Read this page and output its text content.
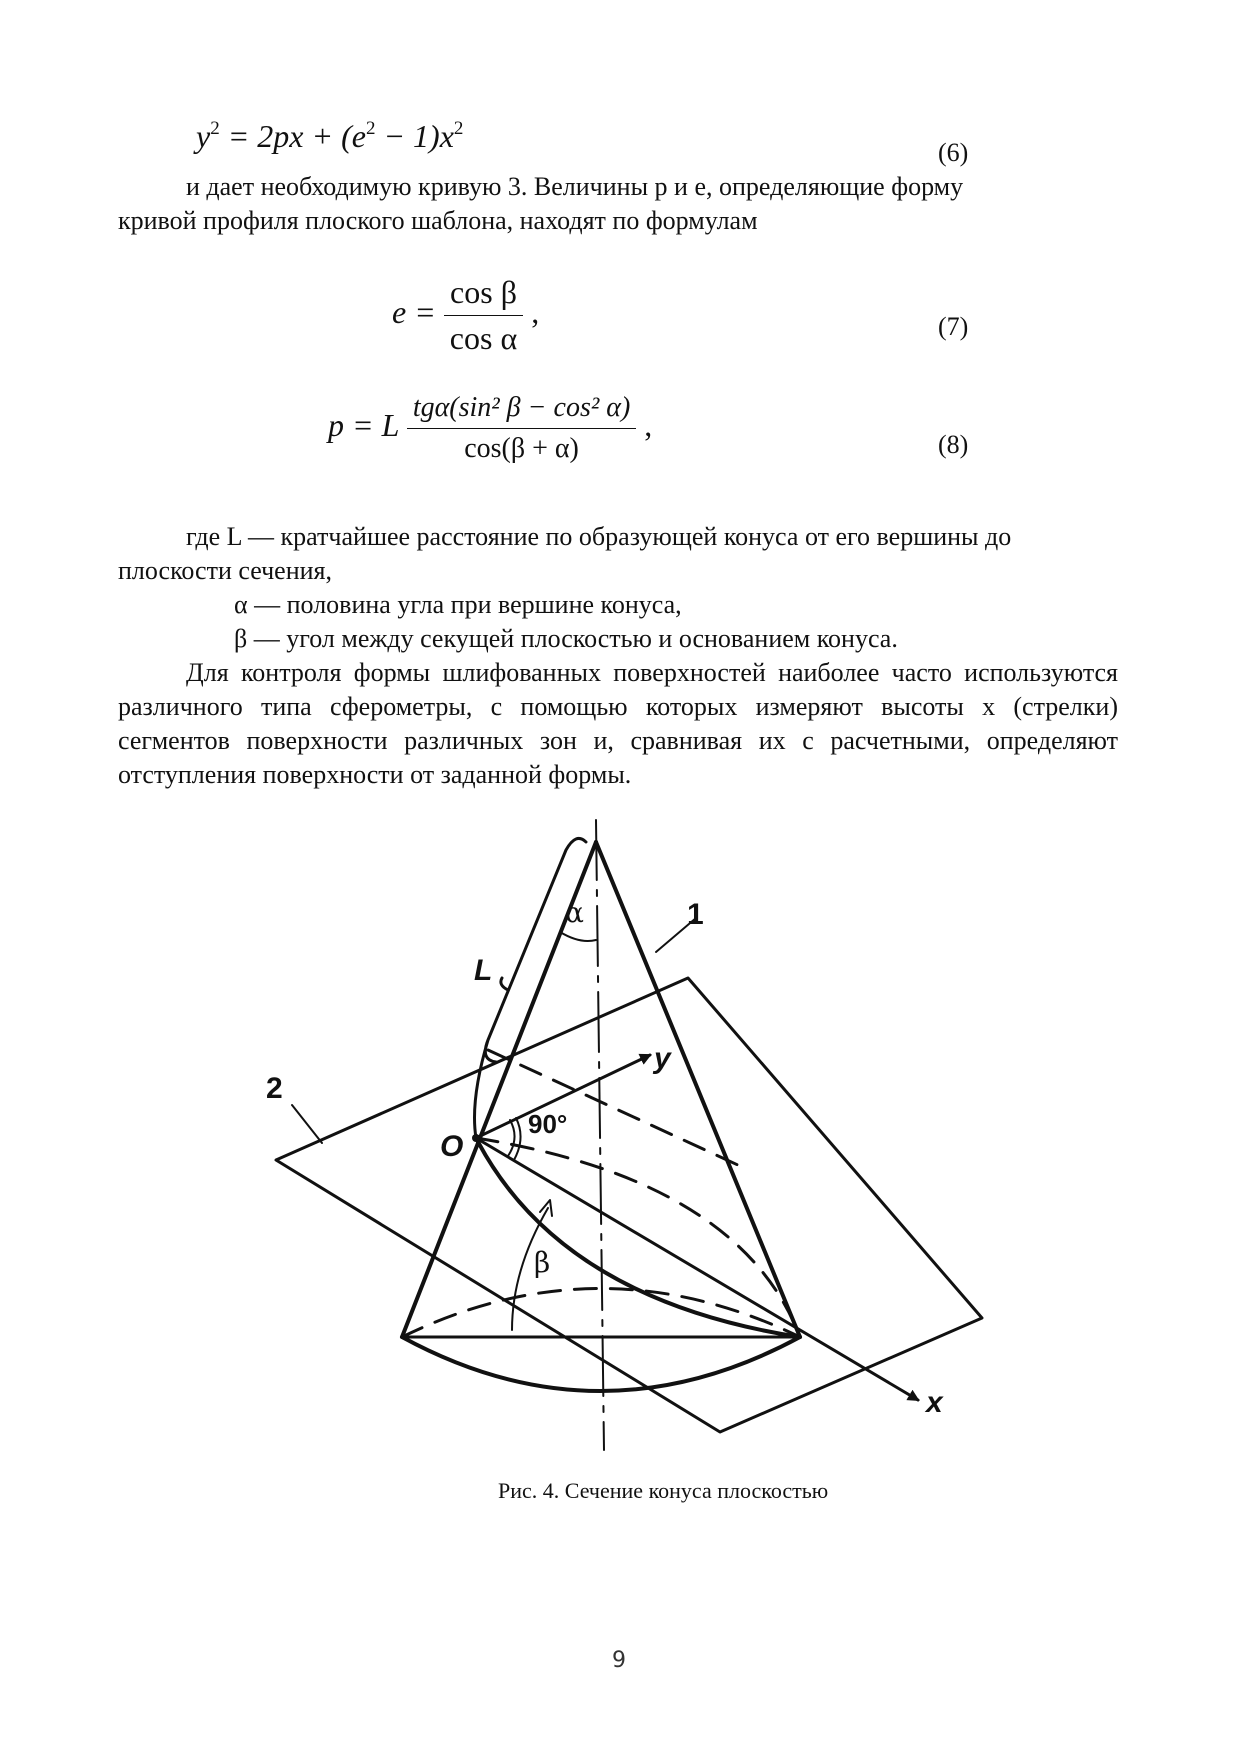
$y^2 = 2px + (e^2 - 1)x^2$
(6)
и дает необходимую кривую 3. Величины p и e, определяющие форму
кривой профиля плоского шаблона, находят по формулам
$e = \frac{\text{cos β}}{\text{cos α}}$ ,	(7)
p = L $\frac{\text{tgα(sin² β − cos² α)}}{\cos(\beta + \alpha)}$ ,
(8)
где L — кратчайшее расстояние по образующей конуса от его вершины до
плоскости сечения,
α — половина угла при вершине конуса,
β — угол между секущей плоскостью и основанием конуса.
Для контроля формы шлифованных поверхностей наиболее часто используются различного типа сферометры, с помощью которых измеряют высоты x (стрелки) сегментов поверхности различных зон и, сравнивая их с расчетными, определяют отступления поверхности от заданной формы.
α	1
L
y
2
90°
O
β
x
Рис. 4. Сечение конуса плоскостью
9
